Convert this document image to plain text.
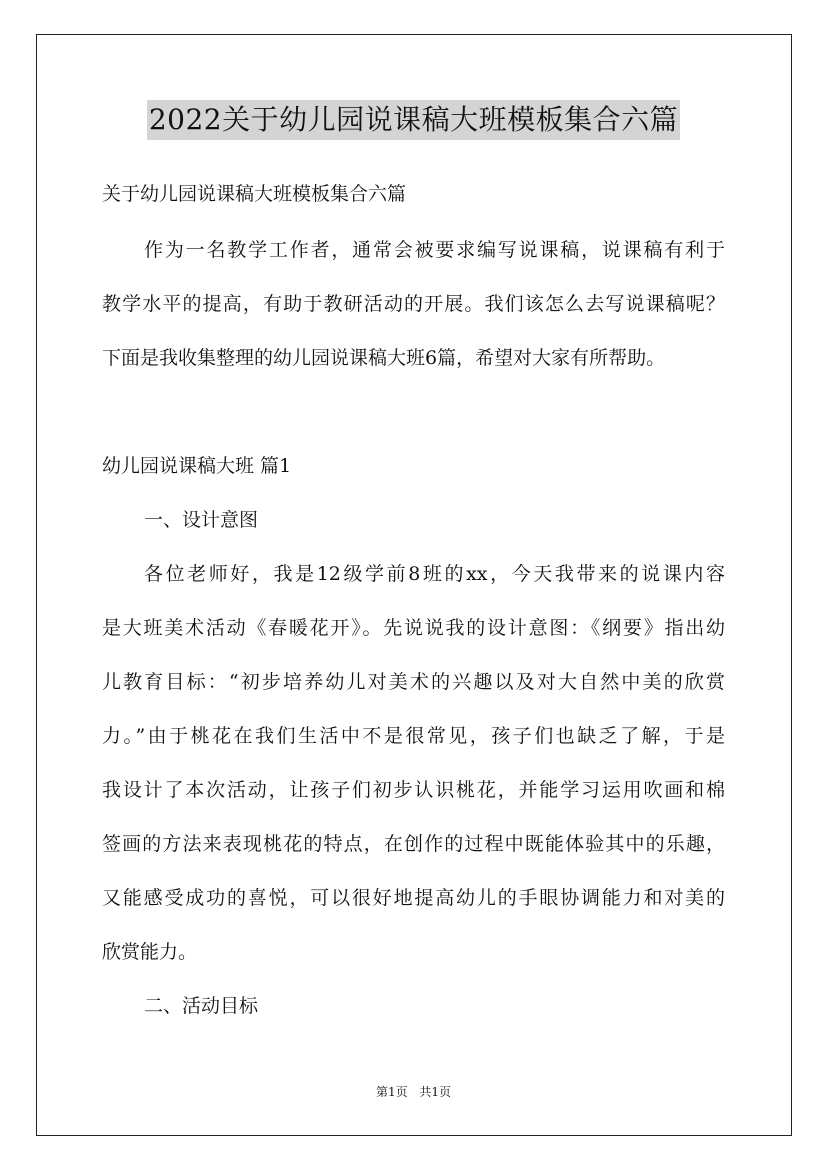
2022关于幼儿园说课稿大班模板集合六篇
关于幼儿园说课稿大班模板集合六篇
作为一名教学工作者，通常会被要求编写说课稿，说课稿有利于
教学水平的提高，有助于教研活动的开展。我们该怎么去写说课稿呢？
下面是我收集整理的幼儿园说课稿大班6篇，希望对大家有所帮助。
幼儿园说课稿大班 篇1
一、设计意图
各位老师好，我是12级学前8班的xx，今天我带来的说课内容
是大班美术活动《春暖花开》。先说说我的设计意图：《纲要》指出幼
儿教育目标：“初步培养幼儿对美术的兴趣以及对大自然中美的欣赏
力。”由于桃花在我们生活中不是很常见，孩子们也缺乏了解，于是
我设计了本次活动，让孩子们初步认识桃花，并能学习运用吹画和棉
签画的方法来表现桃花的特点，在创作的过程中既能体验其中的乐趣，
又能感受成功的喜悦，可以很好地提高幼儿的手眼协调能力和对美的
欣赏能力。
二、活动目标
第1页 共1页
